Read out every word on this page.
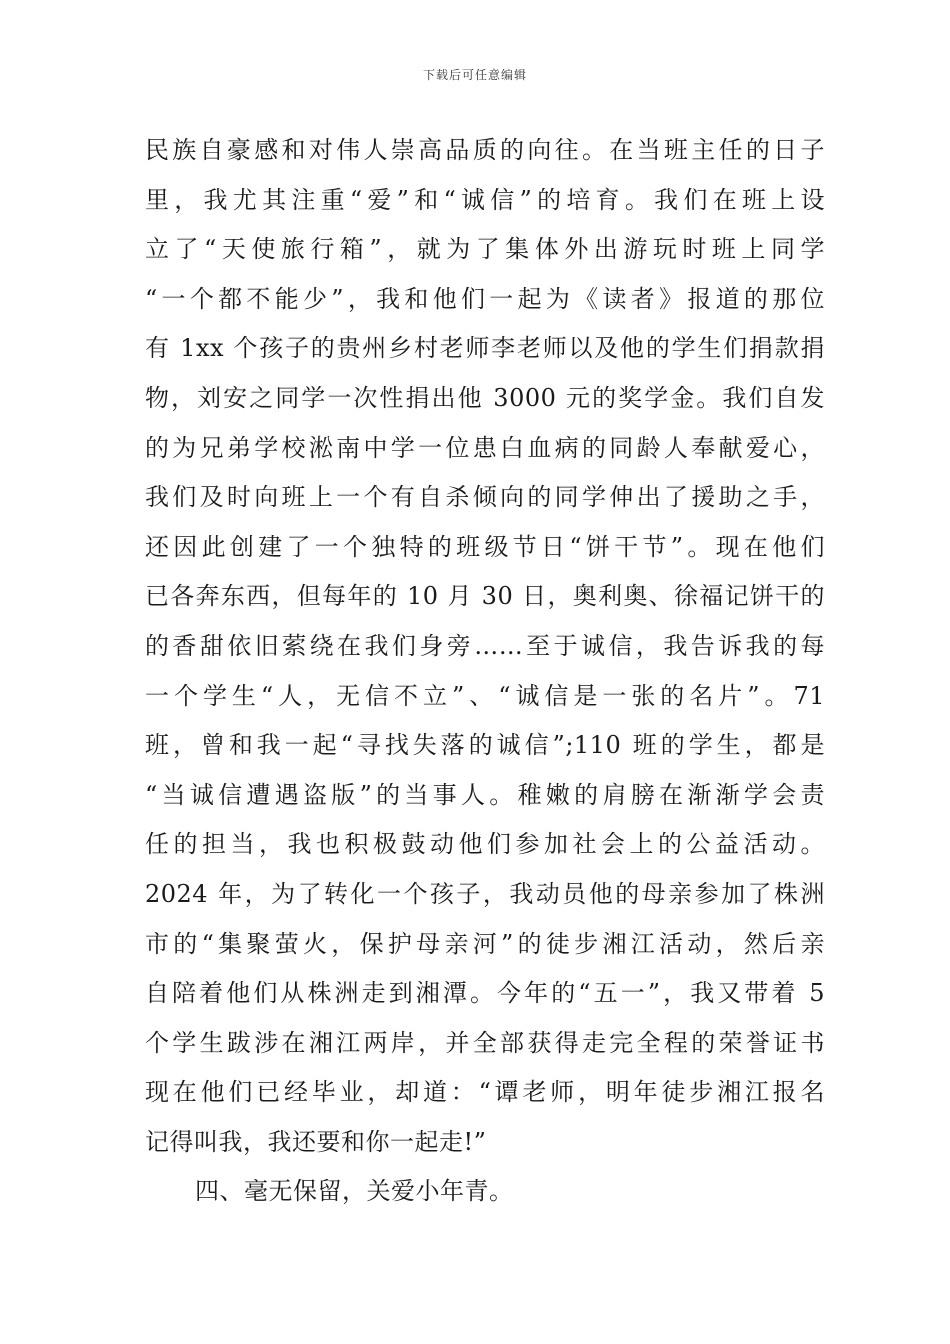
下载后可任意编辑
民族自豪感和对伟人崇高品质的向往。在当班主任的日子
里，我尤其注重“爱”和“诚信”的培育。我们在班上设
立了“天使旅行箱”，就为了集体外出游玩时班上同学
“一个都不能少”，我和他们一起为《读者》报道的那位
有 1xx 个孩子的贵州乡村老师李老师以及他的学生们捐款捐
物，刘安之同学一次性捐出他 3000 元的奖学金。我们自发
的为兄弟学校淞南中学一位患白血病的同龄人奉献爱心，
我们及时向班上一个有自杀倾向的同学伸出了援助之手，
还因此创建了一个独特的班级节日“饼干节”。现在他们
已各奔东西，但每年的 10 月 30 日，奥利奥、徐福记饼干的
的香甜依旧萦绕在我们身旁……至于诚信，我告诉我的每
一个学生“人，无信不立”、“诚信是一张的名片”。71
班，曾和我一起“寻找失落的诚信”;110 班的学生，都是
“当诚信遭遇盗版”的当事人。稚嫩的肩膀在渐渐学会责
任的担当，我也积极鼓动他们参加社会上的公益活动。
2024 年，为了转化一个孩子，我动员他的母亲参加了株洲
市的“集聚萤火，保护母亲河”的徒步湘江活动，然后亲
自陪着他们从株洲走到湘潭。今年的“五一”，我又带着 5
个学生跋涉在湘江两岸，并全部获得走完全程的荣誉证书
现在他们已经毕业，却道：“谭老师，明年徒步湘江报名
记得叫我，我还要和你一起走!”
四、毫无保留，关爱小年青。
